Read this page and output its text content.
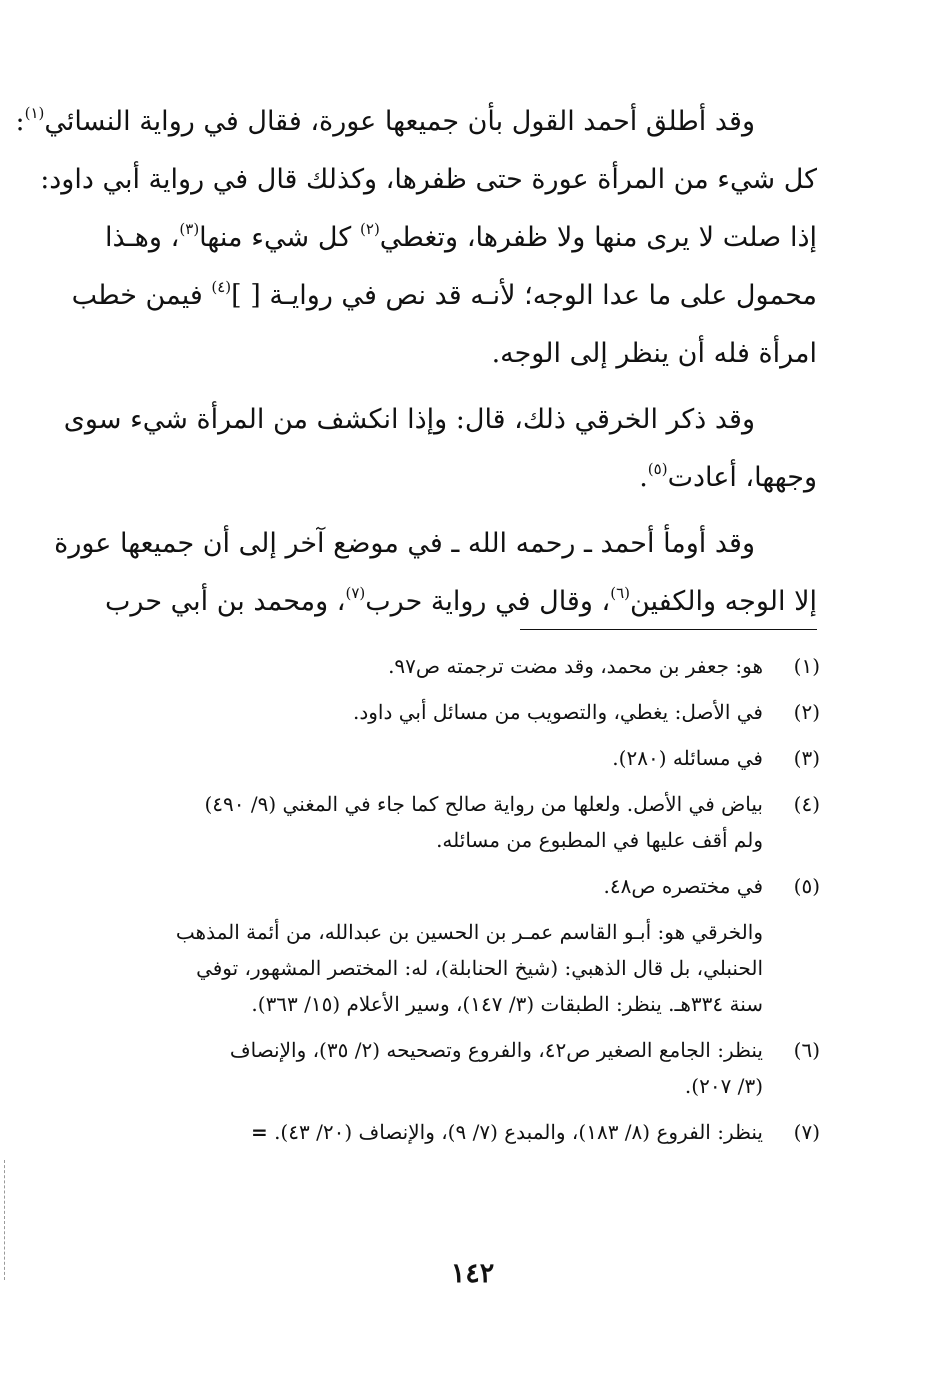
وقد أطلق أحمد القول بأن جميعها عورة، فقال في رواية النسائي$^{(١)}$:
كل شيء من المرأة عورة حتى ظفرها، وكذلك قال في رواية أبي داود:
إذا صلت لا يرى منها ولا ظفرها، وتغطي$^{(٢)}$ كل شيء منها$^{(٣)}$، وهـذا
محمول على ما عدا الوجه؛ لأنـه قد نص في روايـة [ ]$^{(٤)}$ فيمن خطب
امرأة فله أن ينظر إلى الوجه.
وقد ذكر الخرقي ذلك، قال: وإذا انكشف من المرأة شيء سوى
وجهها، أعادت$^{(٥)}$.
وقد أومأ أحمد ـ رحمه الله ـ في موضع آخر إلى أن جميعها عورة
إلا الوجه والكفين$^{(٦)}$، وقال في رواية حرب$^{(٧)}$، ومحمد بن أبي حرب
(١)
هو: جعفر بن محمد، وقد مضت ترجمته ص٩٧.
(٢)
في الأصل: يغطي، والتصويب من مسائل أبي داود.
(٣)
في مسائله (٢٨٠).
(٤)
بياض في الأصل. ولعلها من رواية صالح كما جاء في المغني (٩/ ٤٩٠)
ولم أقف عليها في المطبوع من مسائله.
(٥)
في مختصره ص٤٨.
والخرقي هو: أبـو القاسم عمـر بن الحسين بن عبدالله، من أئمة المذهب
الحنبلي، بل قال الذهبي: (شيخ الحنابلة)، له: المختصر المشهور، توفي
سنة ٣٣٤هـ. ينظر: الطبقات (٣/ ١٤٧)، وسير الأعلام (١٥/ ٣٦٣).
(٦)
ينظر: الجامع الصغير ص٤٢، والفروع وتصحيحه (٢/ ٣٥)، والإنصاف
(٣/ ٢٠٧).
(٧)
ينظر: الفروع (٨/ ١٨٣)، والمبدع (٧/ ٩)، والإنصاف (٢٠/ ٤٣). =
١٤٢
